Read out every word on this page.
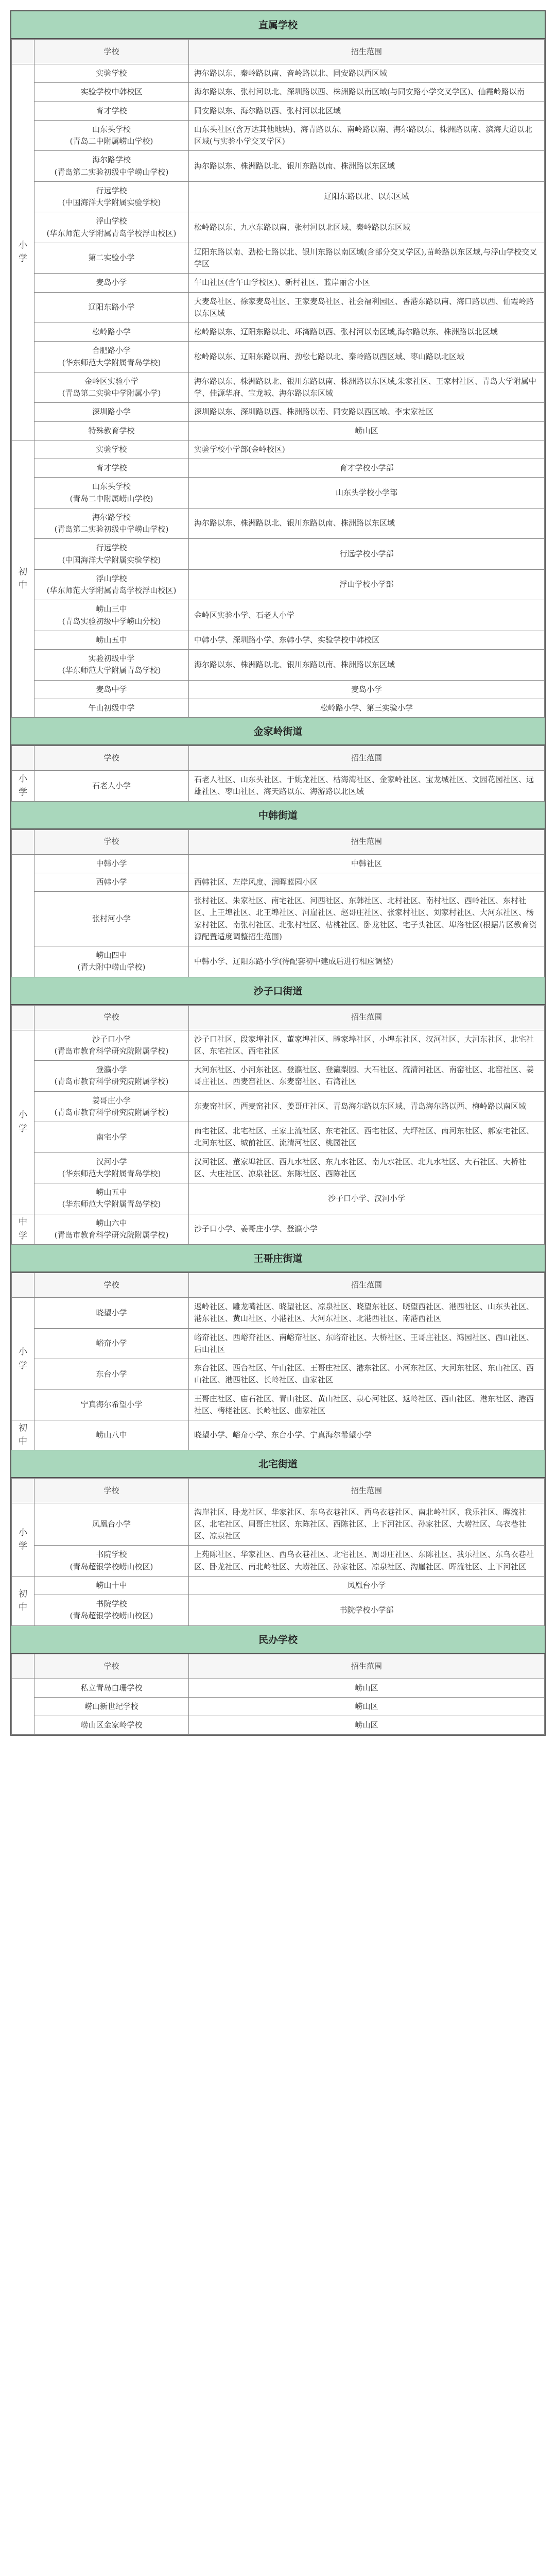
直属学校
	学校	招生范围
小
学	实验学校	海尔路以东、秦岭路以南、音岭路以北、同安路以西区域
	实验学校中韩校区	海尔路以东、张村河以北、深圳路以西、株洲路以南区域(与同安路小学交叉学区)、仙霞岭路以南
	育才学校	同安路以东、海尔路以西、张村河以北区域
	山东头学校
(青岛二中附属崂山学校)	山东头社区(含万达其他地块)、海青路以东、南岭路以南、海尔路以东、株洲路以南、滨海大道以北区域(与实验小学交叉学区)
	海尔路学校
(青岛第二实验初级中学崂山学校)	海尔路以东、株洲路以北、银川东路以南、株洲路以东区域
	行远学校
(中国海洋大学附属实验学校)	辽阳东路以北、以东区域
	浮山学校
(华东师范大学附属青岛学校浮山校区)	松岭路以东、九水东路以南、张村河以北区域、秦岭路以东区域
	第二实验小学	辽阳东路以南、劲松七路以北、银川东路以南区域(含部分交叉学区),苗岭路以东区域,与浮山学校交叉学区
	麦岛小学	午山社区(含午山学校区)、新村社区、蓝岸丽舍小区
	辽阳东路小学	大麦岛社区、徐家麦岛社区、王家麦岛社区、社会福利园区、香港东路以南、海口路以西、仙霞岭路以东区域
	松岭路小学	松岭路以东、辽阳东路以北、环湾路以西、张村河以南区域,海尔路以东、株洲路以北区域
	合肥路小学
(华东师范大学附属青岛学校)	松岭路以东、辽阳东路以南、劲松七路以北、秦岭路以西区域、枣山路以北区域
	金岭区实验小学
(青岛第二实验中学附属小学)	海尔路以东、株洲路以北、银川东路以南、株洲路以东区域,朱家社区、王家村社区、青岛大学附属中学、佳源华府、宝龙城、海尔路以东区域
	深圳路小学	深圳路以东、深圳路以西、株洲路以南、同安路以西区域、李宋家社区
	特殊教育学校	崂山区
初
中	实验学校	实验学校小学部(金岭校区)
	育才学校	育才学校小学部
	山东头学校
(青岛二中附属崂山学校)	山东头学校小学部
	海尔路学校
(青岛第二实验初级中学崂山学校)	海尔路以东、株洲路以北、银川东路以南、株洲路以东区域
	行远学校
(中国海洋大学附属实验学校)	行远学校小学部
	浮山学校
(华东师范大学附属青岛学校浮山校区)	浮山学校小学部
	崂山三中
(青岛实验初级中学崂山分校)	金岭区实验小学、石老人小学
	崂山五中	中韩小学、深圳路小学、东韩小学、实验学校中韩校区
	实验初级中学
(华东师范大学附属青岛学校)	海尔路以东、株洲路以北、银川东路以南、株洲路以东区域
	麦岛中学	麦岛小学
	午山初级中学	松岭路小学、第三实验小学
金家岭街道
	学校	招生范围
小
学	石老人小学	石老人社区、山东头社区、于姚龙社区、枯海湾社区、金家岭社区、宝龙城社区、文园花园社区、远雄社区、枣山社区、海天路以东、海游路以北区域
中韩街道
	学校	招生范围
	中韩小学	中韩社区
	西韩小学	西韩社区、左岸风度、润晖蓝园小区
	张村河小学	张村社区、朱家社区、南宅社区、河西社区、东韩社区、北村社区、南村社区、西岭社区、东村社区、上王埠社区、北王埠社区、河崖社区、赵哥庄社区、张家村社区、刘家村社区、大河东社区、杨家村社区、南张村社区、北张村社区、枯桃社区、卧龙社区、宅子头社区、埠洛社区(根据片区教育资源配置适度调整招生范围)
	崂山四中
(青大附中崂山学校)	中韩小学、辽阳东路小学(待配套初中建成后进行相应调整)
沙子口街道
	学校	招生范围
小
学	沙子口小学
(青岛市教育科学研究院附属学校)	沙子口社区、段家埠社区、董家埠社区、疃家埠社区、小埠东社区、汉河社区、大河东社区、北宅社区、东宅社区、西宅社区
	登瀛小学
(青岛市教育科学研究院附属学校)	大河东社区、小河东社区、登瀛社区、登瀛梨园、大石社区、流清河社区、南窑社区、北窑社区、姜哥庄社区、西麦窑社区、东麦窑社区、石湾社区
	姜哥庄小学
(青岛市教育科学研究院附属学校)	东麦窑社区、西麦窑社区、姜哥庄社区、青岛海尔路以东区域、青岛海尔路以西、梅岭路以南区域
	南宅小学	南宅社区、北宅社区、王家上流社区、东宅社区、西宅社区、大坪社区、南河东社区、郝家宅社区、北河东社区、城前社区、流清河社区、桃园社区
	汉河小学
(华东师范大学附属青岛学校)	汉河社区、董家埠社区、西九水社区、东九水社区、南九水社区、北九水社区、大石社区、大桥社区、大庄社区、凉泉社区、东陈社区、西陈社区
	崂山五中
(华东师范大学附属青岛学校)	沙子口小学、汉河小学
中
学	崂山六中
(青岛市教育科学研究院附属学校)	沙子口小学、姜哥庄小学、登瀛小学
王哥庄街道
	学校	招生范围
小
学	晓望小学	返岭社区、雕龙嘴社区、晓望社区、凉泉社区、晓望东社区、晓望西社区、港西社区、山东头社区、港东社区、黄山社区、小港社区、大河东社区、北港西社区、南港西社区
	峪夼小学	峪夼社区、西峪夼社区、南峪夼社区、东峪夼社区、大桥社区、王哥庄社区、鸿园社区、西山社区、后山社区
	东台小学	东台社区、西台社区、午山社区、王哥庄社区、港东社区、小河东社区、大河东社区、东山社区、西山社区、港西社区、长岭社区、曲家社区
	宁真海尔希望小学	王哥庄社区、庙石社区、青山社区、黄山社区、泉心河社区、返岭社区、西山社区、港东社区、港西社区、栲栳社区、长岭社区、曲家社区
初
中	崂山八中	晓望小学、峪夼小学、东台小学、宁真海尔希望小学
北宅街道
	学校	招生范围
小
学	凤凰台小学	沟崖社区、卧龙社区、华家社区、东乌衣巷社区、西乌衣巷社区、南北岭社区、我乐社区、晖流社区、北宅社区、周哥庄社区、东陈社区、西陈社区、上下河社区、孙家社区、大崂社区、乌衣巷社区、凉泉社区
	书院学校
(青岛超银学校崂山校区)	上苑陈社区、华家社区、西乌衣巷社区、北宅社区、周哥庄社区、东陈社区、我乐社区、东乌衣巷社区、卧龙社区、南北岭社区、大崂社区、孙家社区、凉泉社区、沟崖社区、晖流社区、上下河社区
初
中	崂山十中	凤凰台小学
	书院学校
(青岛超银学校崂山校区)	书院学校小学部
民办学校
	学校	招生范围
	私立青岛白珊学校	崂山区
	崂山新世纪学校	崂山区
	崂山区金家岭学校	崂山区
